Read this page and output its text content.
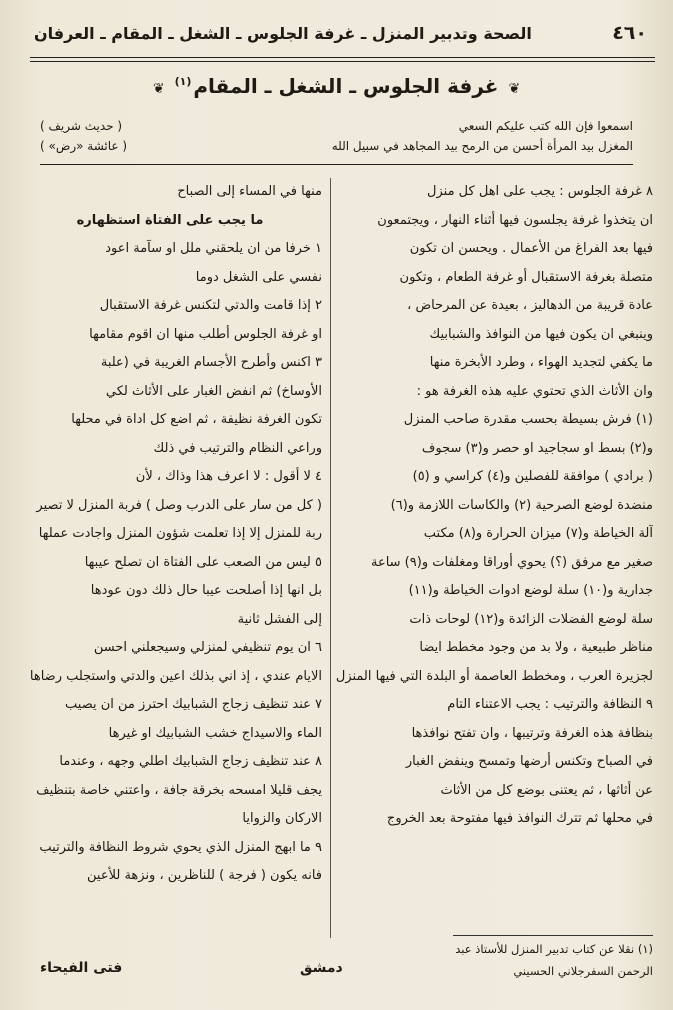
٤٦٠
الصحة وتدبير المنزل ـ غرفة الجلوس ـ الشغل ـ المقام ـ العرفان
❦غرفة الجلوس ـ الشغل ـ المقام$^{(١)}$❦
اسمعوا فإن الله كتب عليكم السعي
( حديث شريف )
المغزل بيد المرأة أحسن من الرمح بيد المجاهد في سبيل الله
( عائشة «رض» )
٨ غرفة الجلوس : يجب على اهل كل منزل
ان يتخذوا غرفة يجلسون فيها أثناء النهار ، ويجتمعون
فيها بعد الفراغ من الأعمال . ويحسن ان تكون
متصلة بغرفة الاستقبال أو غرفة الطعام ، وتكون
عادة قريبة من الدهاليز ، بعيدة عن المرحاض ،
وينبغي ان يكون فيها من النوافذ والشبابيك
ما يكفي لتجديد الهواء ، وطرد الأبخرة منها
وان الأثاث الذي تحتوي عليه هذه الغرفة هو :
(١) فرش بسيطة بحسب مقدرة صاحب المنزل
و(٢) بسط او سجاجيد او حصر و(٣) سجوف
( برادي ) موافقة للفصلين و(٤) كراسي و (٥)
منضدة لوضع الصرحية (٢) والكاسات اللازمة و(٦)
آلة الخياطة و(٧) ميزان الحرارة و(٨) مكتب
صغير مع مرفق (؟) يحوي أوراقا ومغلفات و(٩) ساعة
جدارية و(١٠) سلة لوضع ادوات الخياطة و(١١)
سلة لوضع الفضلات الزائدة و(١٢) لوحات ذات
مناظر طبيعية ، ولا بد من وجود مخطط ايضا
لجزيرة العرب ، ومخطط العاصمة أو البلدة التي فيها المنزل
٩ النظافة والترتيب : يجب الاعتناء التام
بنظافة هذه الغرفة وترتيبها ، وان تفتح نوافذها
في الصباح وتكنس أرضها وتمسح وينفض الغبار
عن أثاثها ، ثم يعتنى بوضع كل من الأثاث
في محلها ثم تترك النوافذ فيها مفتوحة بعد الخروج
منها في المساء إلى الصباح
ما يجب على الفتاة استظهاره
١ خرفا من ان يلحقني ملل او سآمة اعود
نفسي على الشغل دوما
٢ إذا قامت والدتي لتكنس غرفة الاستقبال
او غرفة الجلوس أطلب منها ان اقوم مقامها
٣ اكنس وأطرح الأجسام الغريبة في (علبة
الأوساخ) ثم انفض الغبار على الأثاث لكي
تكون الغرفة نظيفة ، ثم اضع كل اداة في محلها
وراعي النظام والترتيب في ذلك
٤ لا أقول : لا اعرف هذا وذاك ، لأن
( كل من سار على الدرب وصل ) فربة المنزل لا تصير
ربة للمنزل إلا إذا تعلمت شؤون المنزل واجادت عملها
٥ ليس من الصعب على الفتاة ان تصلح عيبها
بل انها إذا أصلحت عيبا حال ذلك دون عودها
إلى الفشل ثانية
٦ ان يوم تنظيفي لمنزلي وسيجعلني احسن
الايام عندي ، إذ اني بذلك اعين والدتي واستجلب رضاها
٧ عند تنظيف زجاج الشبابيك احترز من ان يصيب
الماء والاسيداج خشب الشبابيك او غيرها
٨ عند تنظيف زجاج الشبابيك اطلي وجهه ، وعندما
يجف قليلا امسحه بخرقة جافة ، واعتني خاصة بتنظيف
الاركان والزوايا
٩ ما ابهج المنزل الذي يحوي شروط النظافة والترتيب
فانه يكون ( فرجة ) للناظرين ، ونزهة للأعين
(١) نقلا عن كتاب تدبير المنزل للأستاذ عبد
الرحمن السفرجلاني الحسيني
فتى الفيحاء	دمشق
